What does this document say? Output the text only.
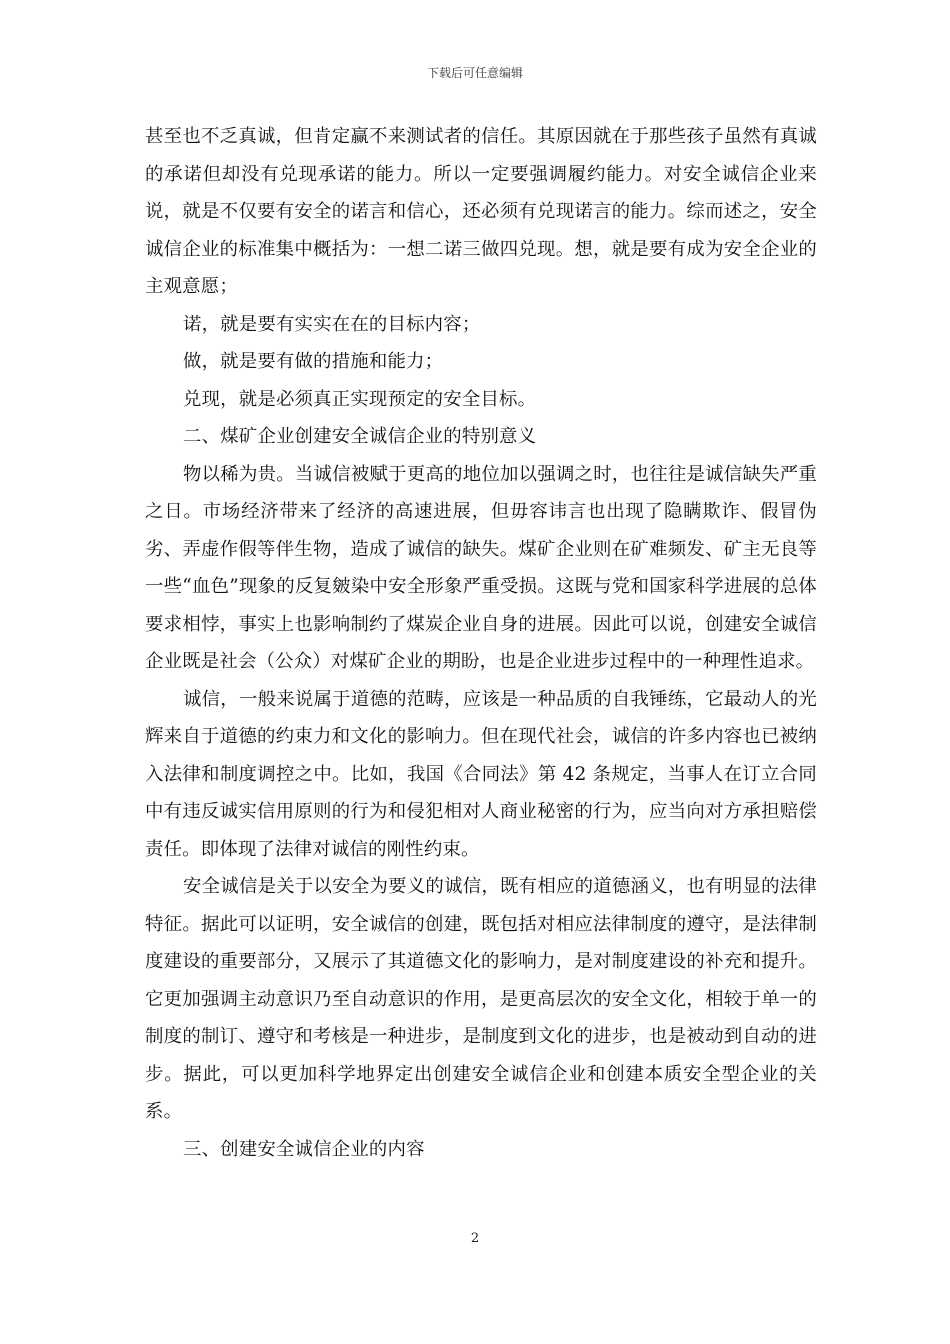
下载后可任意编辑

甚至也不乏真诚，但肯定赢不来测试者的信任。其原因就在于那些孩子虽然有真诚的承诺但却没有兑现承诺的能力。所以一定要强调履约能力。对安全诚信企业来说，就是不仅要有安全的诺言和信心，还必须有兑现诺言的能力。综而述之，安全诚信企业的标准集中概括为：一想二诺三做四兑现。想，就是要有成为安全企业的主观意愿；

诺，就是要有实实在在的目标内容；

做，就是要有做的措施和能力；

兑现，就是必须真正实现预定的安全目标。

二、煤矿企业创建安全诚信企业的特别意义

物以稀为贵。当诚信被赋于更高的地位加以强调之时，也往往是诚信缺失严重之日。市场经济带来了经济的高速进展，但毋容讳言也出现了隐瞒欺诈、假冒伪劣、弄虚作假等伴生物，造成了诚信的缺失。煤矿企业则在矿难频发、矿主无良等一些“血色”现象的反复皴染中安全形象严重受损。这既与党和国家科学进展的总体要求相悖，事实上也影响制约了煤炭企业自身的进展。因此可以说，创建安全诚信企业既是社会（公众）对煤矿企业的期盼，也是企业进步过程中的一种理性追求。

诚信，一般来说属于道德的范畴，应该是一种品质的自我锤练，它最动人的光辉来自于道德的约束力和文化的影响力。但在现代社会，诚信的许多内容也已被纳入法律和制度调控之中。比如，我国《合同法》第 42 条规定，当事人在订立合同中有违反诚实信用原则的行为和侵犯相对人商业秘密的行为，应当向对方承担赔偿责任。即体现了法律对诚信的刚性约束。

安全诚信是关于以安全为要义的诚信，既有相应的道德涵义，也有明显的法律特征。据此可以证明，安全诚信的创建，既包括对相应法律制度的遵守，是法律制度建设的重要部分，又展示了其道德文化的影响力，是对制度建设的补充和提升。它更加强调主动意识乃至自动意识的作用，是更高层次的安全文化，相较于单一的制度的制订、遵守和考核是一种进步，是制度到文化的进步，也是被动到自动的进步。据此，可以更加科学地界定出创建安全诚信企业和创建本质安全型企业的关系。

三、创建安全诚信企业的内容

2
